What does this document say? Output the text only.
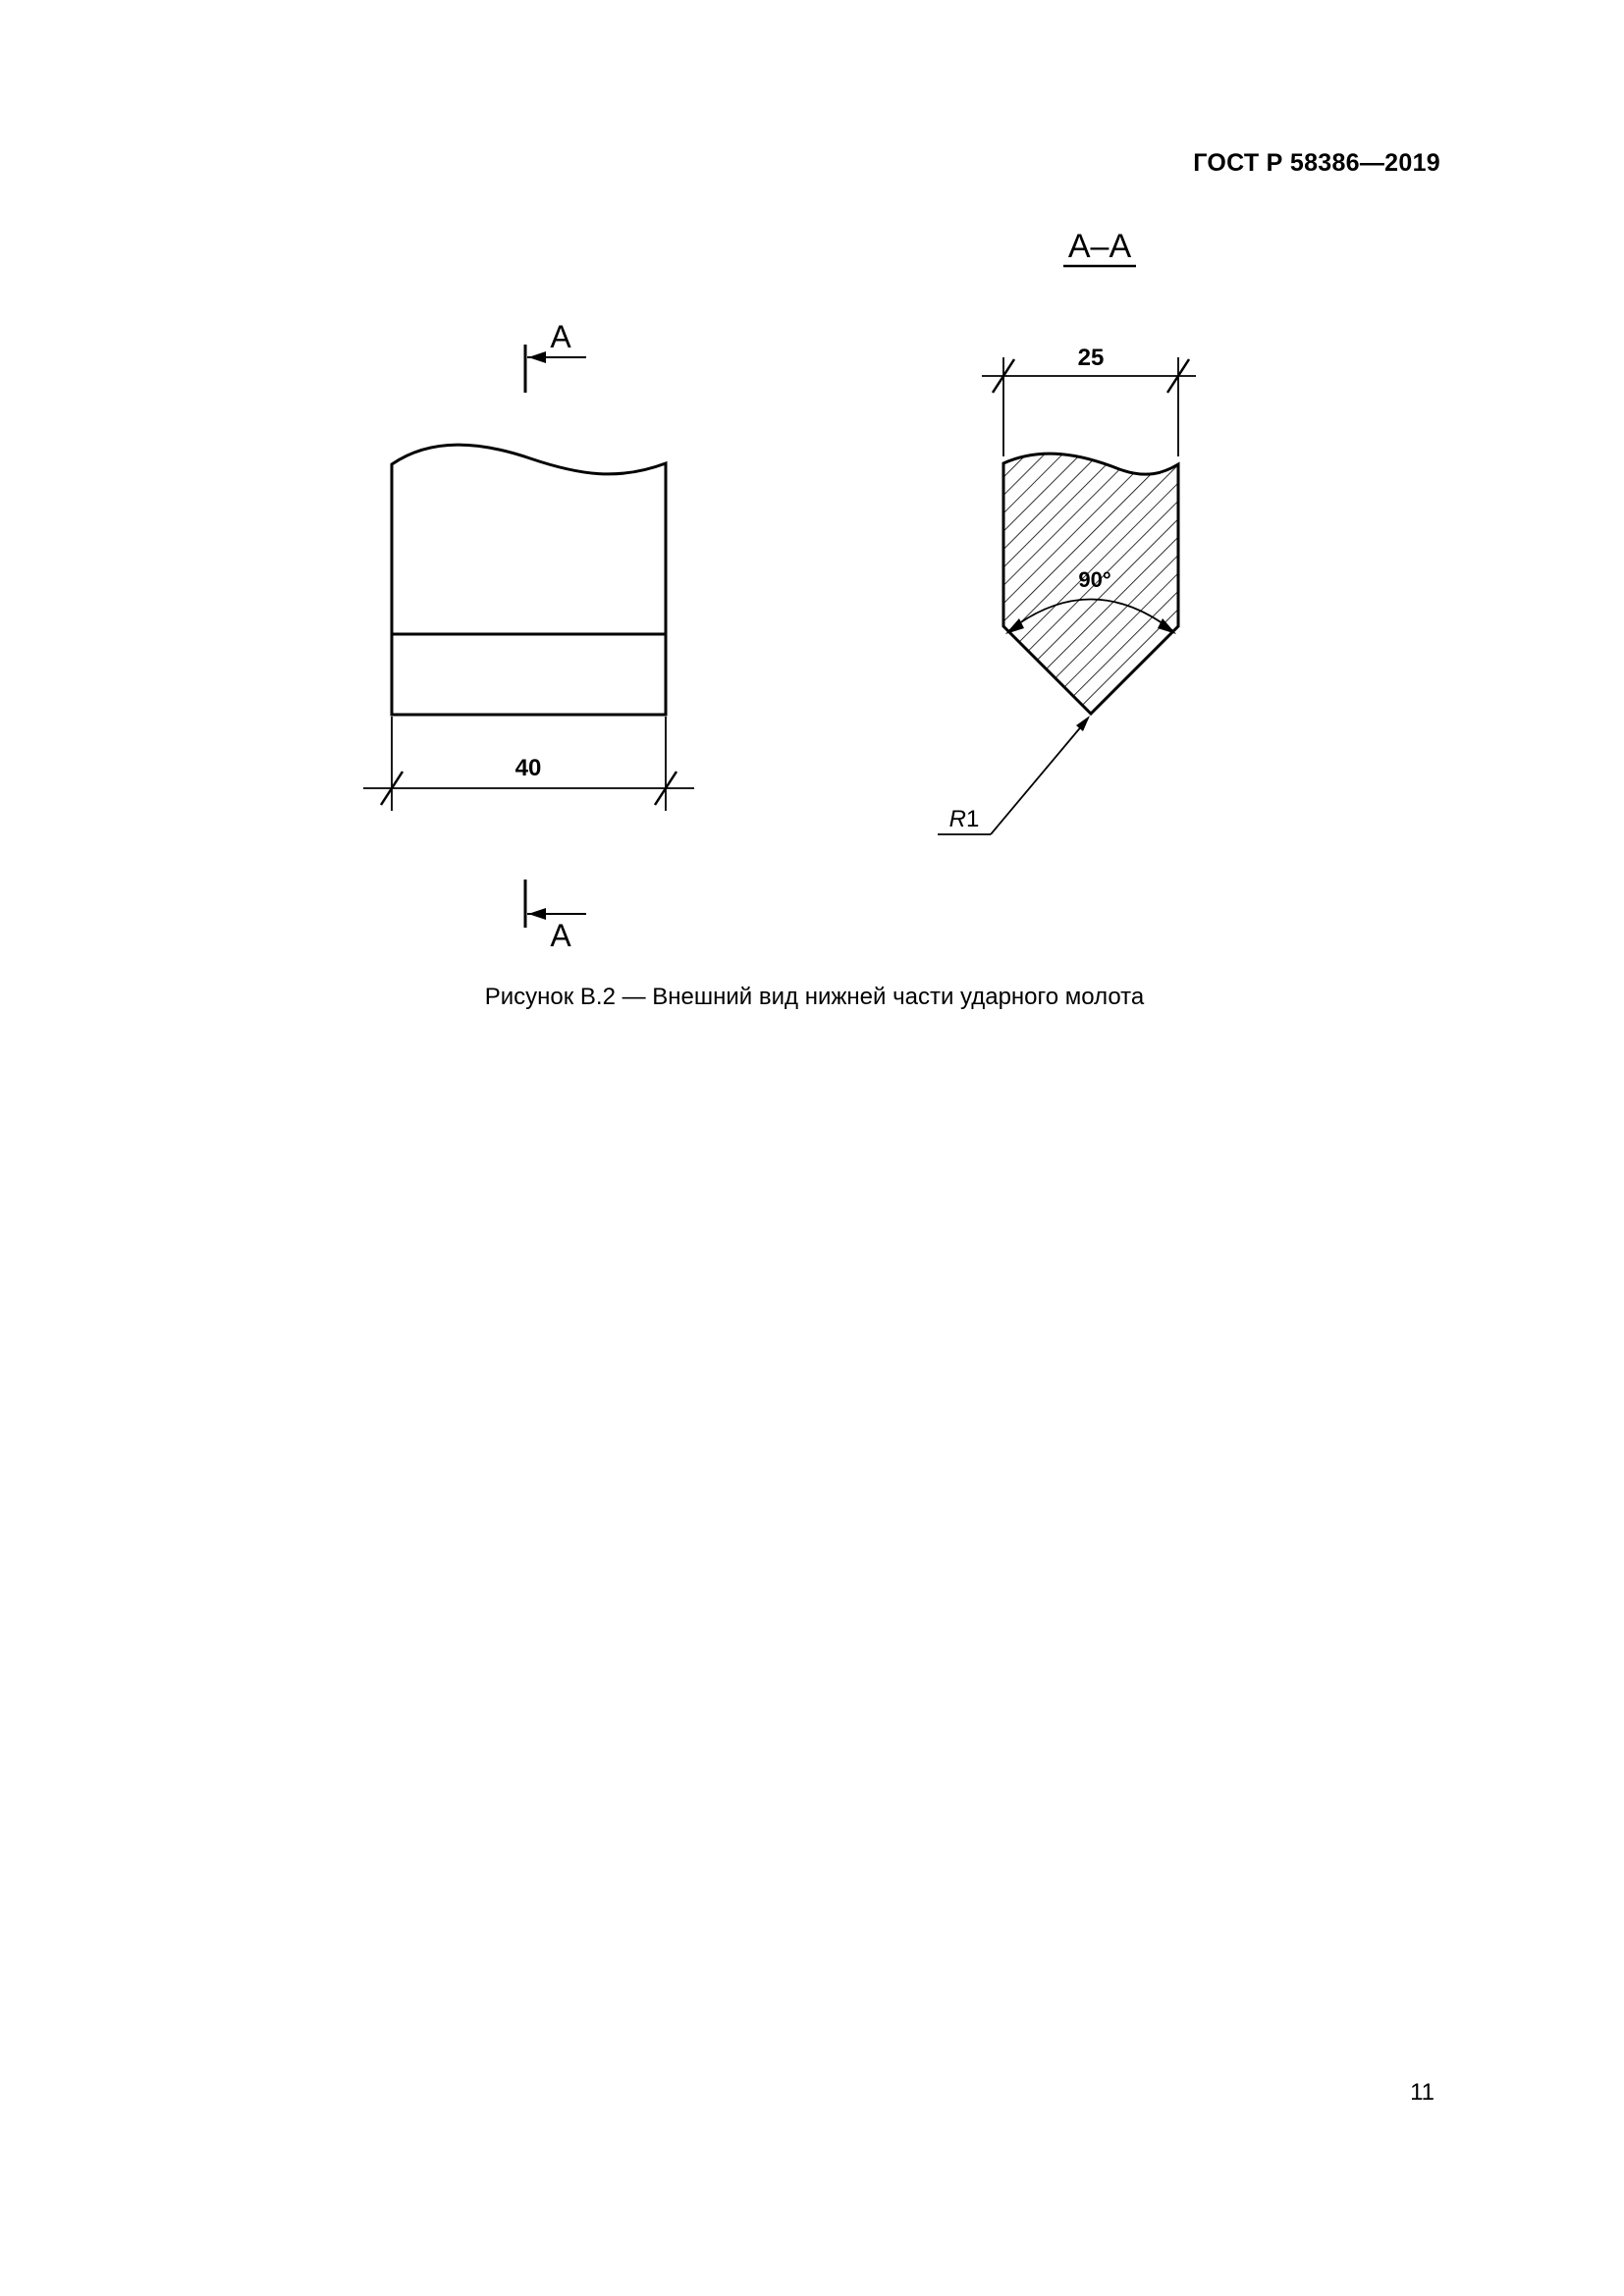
ГОСТ Р 58386—2019
А–А
А
40
А
90°
25
R1
Рисунок В.2 — Внешний вид нижней части ударного молота
11
